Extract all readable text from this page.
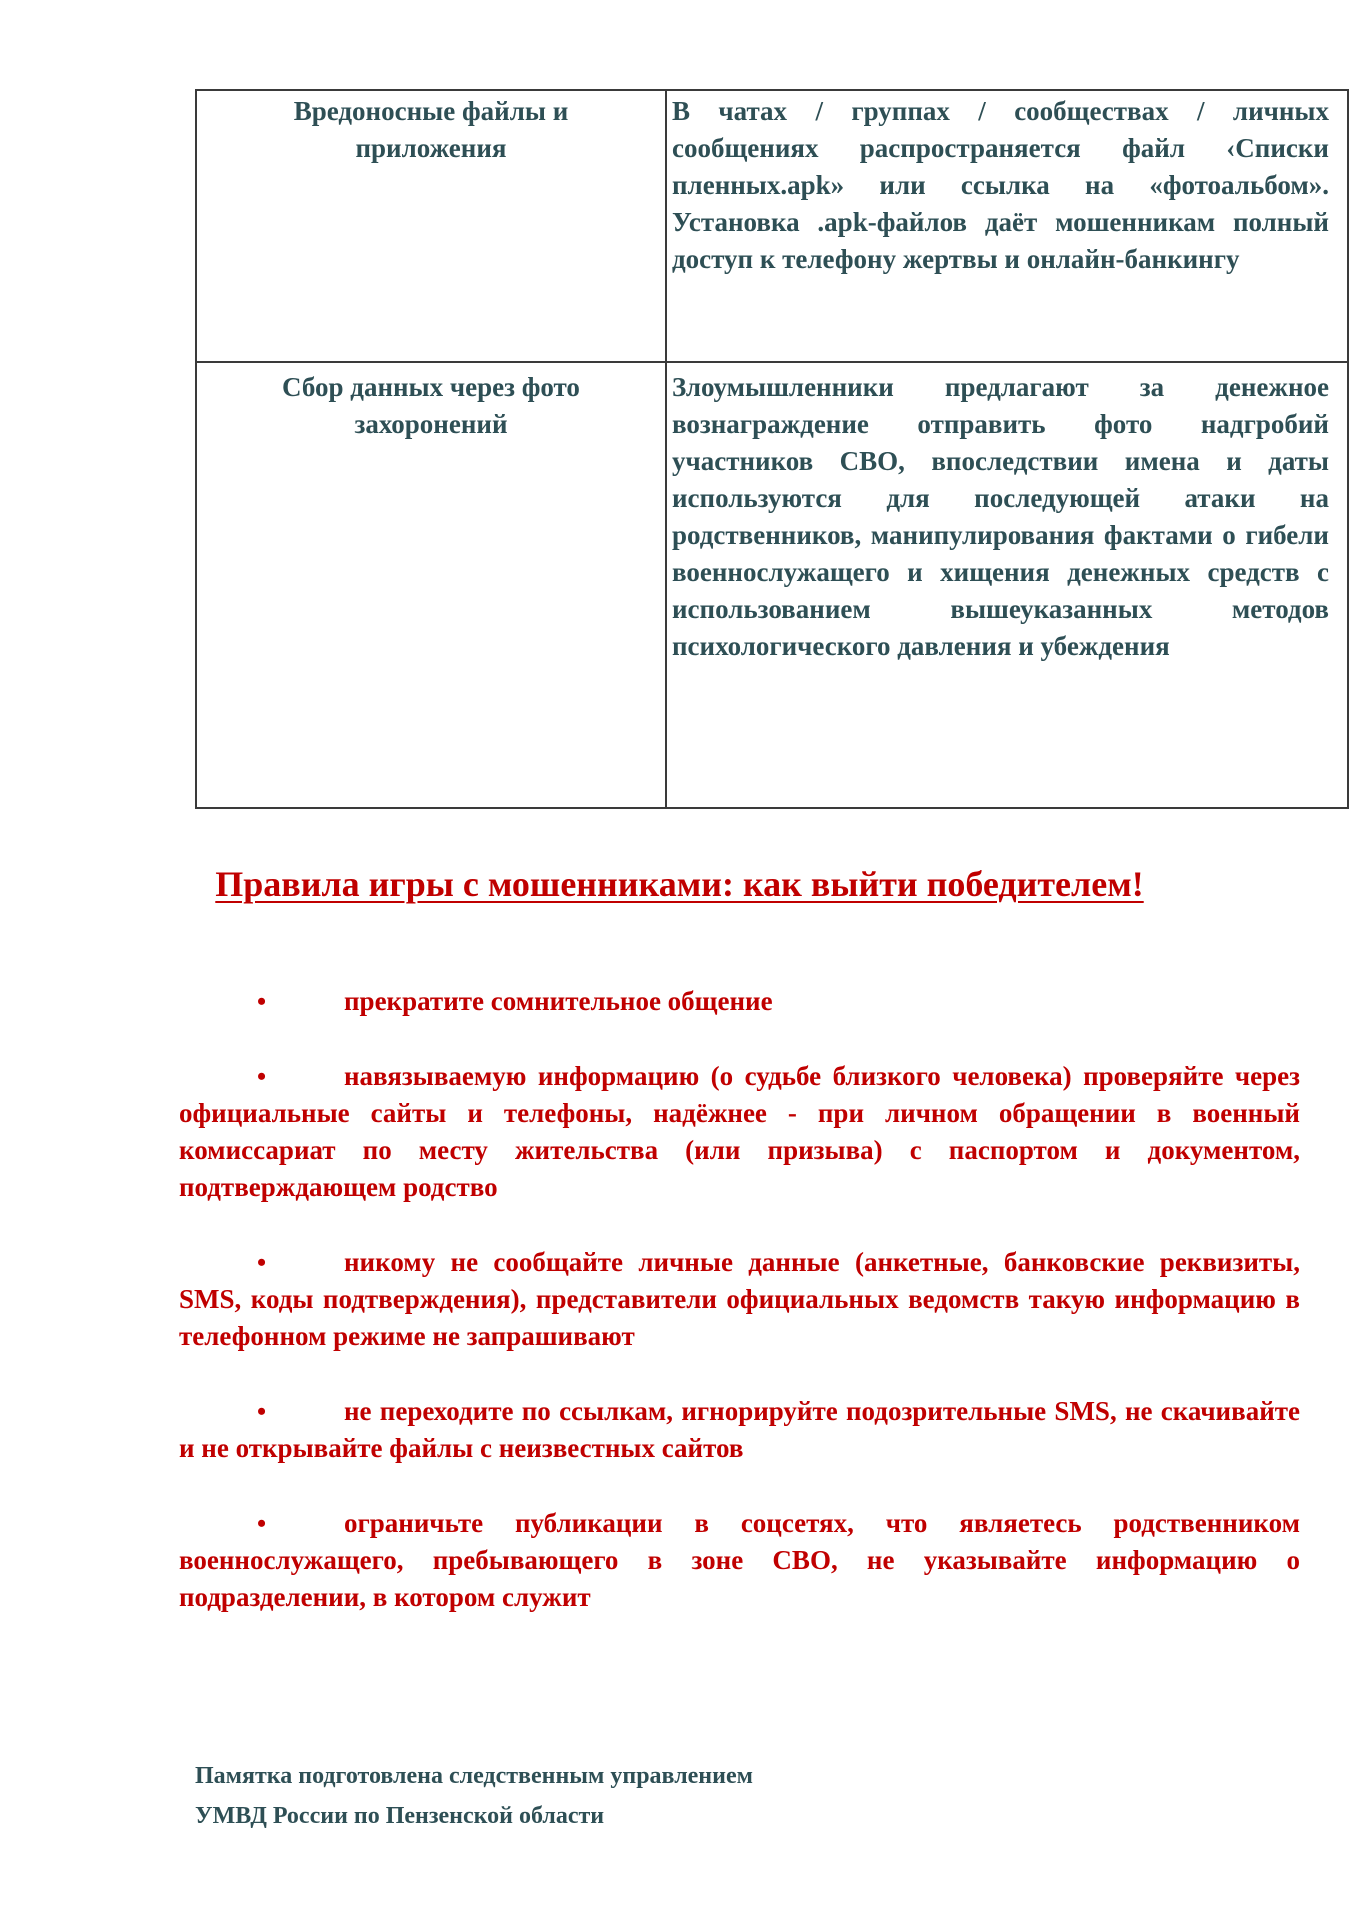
Вредоносные файлы и приложения	В чатах / группах / сообществах / личных сообщениях распространяется файл ‹Списки пленных.apk» или ссылка на «фотоальбом». Установка .apk-файлов даёт мошенникам полный доступ к телефону жертвы и онлайн-банкингу
Сбор данных через фото захоронений	Злоумышленники предлагают за денежное вознаграждение отправить фото надгробий участников СВО, впоследствии имена и даты используются для последующей атаки на родственников, манипулирования фактами о гибели военнослужащего и хищения денежных средств с использованием вышеуказанных методов психологического давления и убеждения
Правила игры с мошенниками: как выйти победителем!
•	прекратите сомнительное общение
•	навязываемую информацию (о судьбе близкого человека) проверяйте через официальные сайты и телефоны, надёжнее - при личном обращении в военный комиссариат по месту жительства (или призыва) с паспортом и документом, подтверждающем родство
•	никому не сообщайте личные данные (анкетные, банковские реквизиты, SMS, коды подтверждения), представители официальных ведомств такую информацию в телефонном режиме не запрашивают
•	не переходите по ссылкам, игнорируйте подозрительные SMS, не скачивайте и не открывайте файлы с неизвестных сайтов
•	ограничьте публикации в соцсетях, что являетесь родственником военнослужащего, пребывающего в зоне СВО, не указывайте информацию о подразделении, в котором служит
Памятка подготовлена следственным управлением
УМВД России по Пензенской области
